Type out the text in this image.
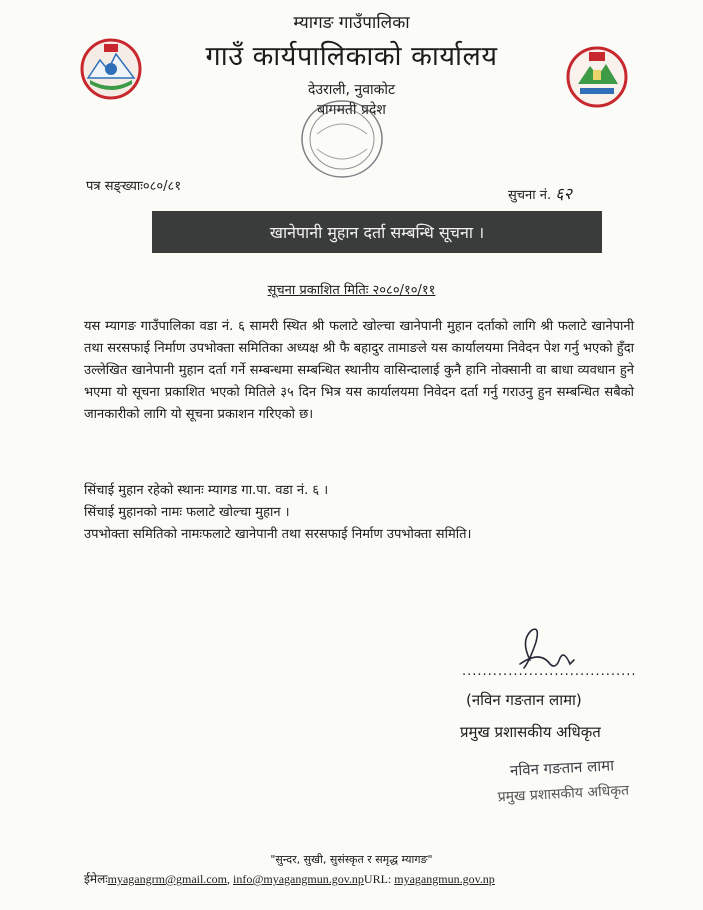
म्यागङ गाउँपालिका
गाउँ कार्यपालिकाको कार्यालय
देउराली, नुवाकोट
बागमती प्रदेश
पत्र सङ्ख्याः०८०/८१
सुचना नं. ६२
खानेपानी मुहान दर्ता सम्बन्धि सूचना ।
सूचना प्रकाशित मितिः २०८०/१०/११
यस म्यागङ गाउँपालिका वडा नं. ६ सामरी स्थित श्री फलाटे खोल्चा खानेपानी मुहान दर्ताको लागि श्री फलाटे खानेपानी तथा सरसफाई निर्माण उपभोक्ता समितिका अध्यक्ष श्री फै बहादुर तामाङले यस कार्यालयमा निवेदन पेश गर्नु भएको हुँदा उल्लेखित खानेपानी मुहान दर्ता गर्ने सम्बन्धमा सम्बन्धित स्थानीय वासिन्दालाई कुनै हानि नोक्सानी वा बाधा व्यवधान हुने भएमा यो सूचना प्रकाशित भएको मितिले ३५ दिन भित्र यस कार्यालयमा निवेदन दर्ता गर्नु गराउनु हुन सम्बन्धित सबैको जानकारीको लागि यो सूचना प्रकाशन गरिएको छ।
सिंचाई मुहान रहेको स्थानः म्यागड गा.पा. वडा नं. ६ ।
सिंचाई मुहानको नामः फलाटे खोल्चा मुहान ।
उपभोक्ता समितिको नामःफलाटे खानेपानी तथा सरसफाई निर्माण उपभोक्ता समिति।
..................................
(नविन गङतान लामा)
प्रमुख प्रशासकीय अधिकृत
नविन गङतान लामा
प्रमुख प्रशासकीय अधिकृत
"सुन्दर, सुखी, सुसंस्कृत र समृद्ध म्यागङ"
ईमेलःmyagangrm@gmail.com, info@myagangmun.gov.npURL: myagangmun.gov.np
